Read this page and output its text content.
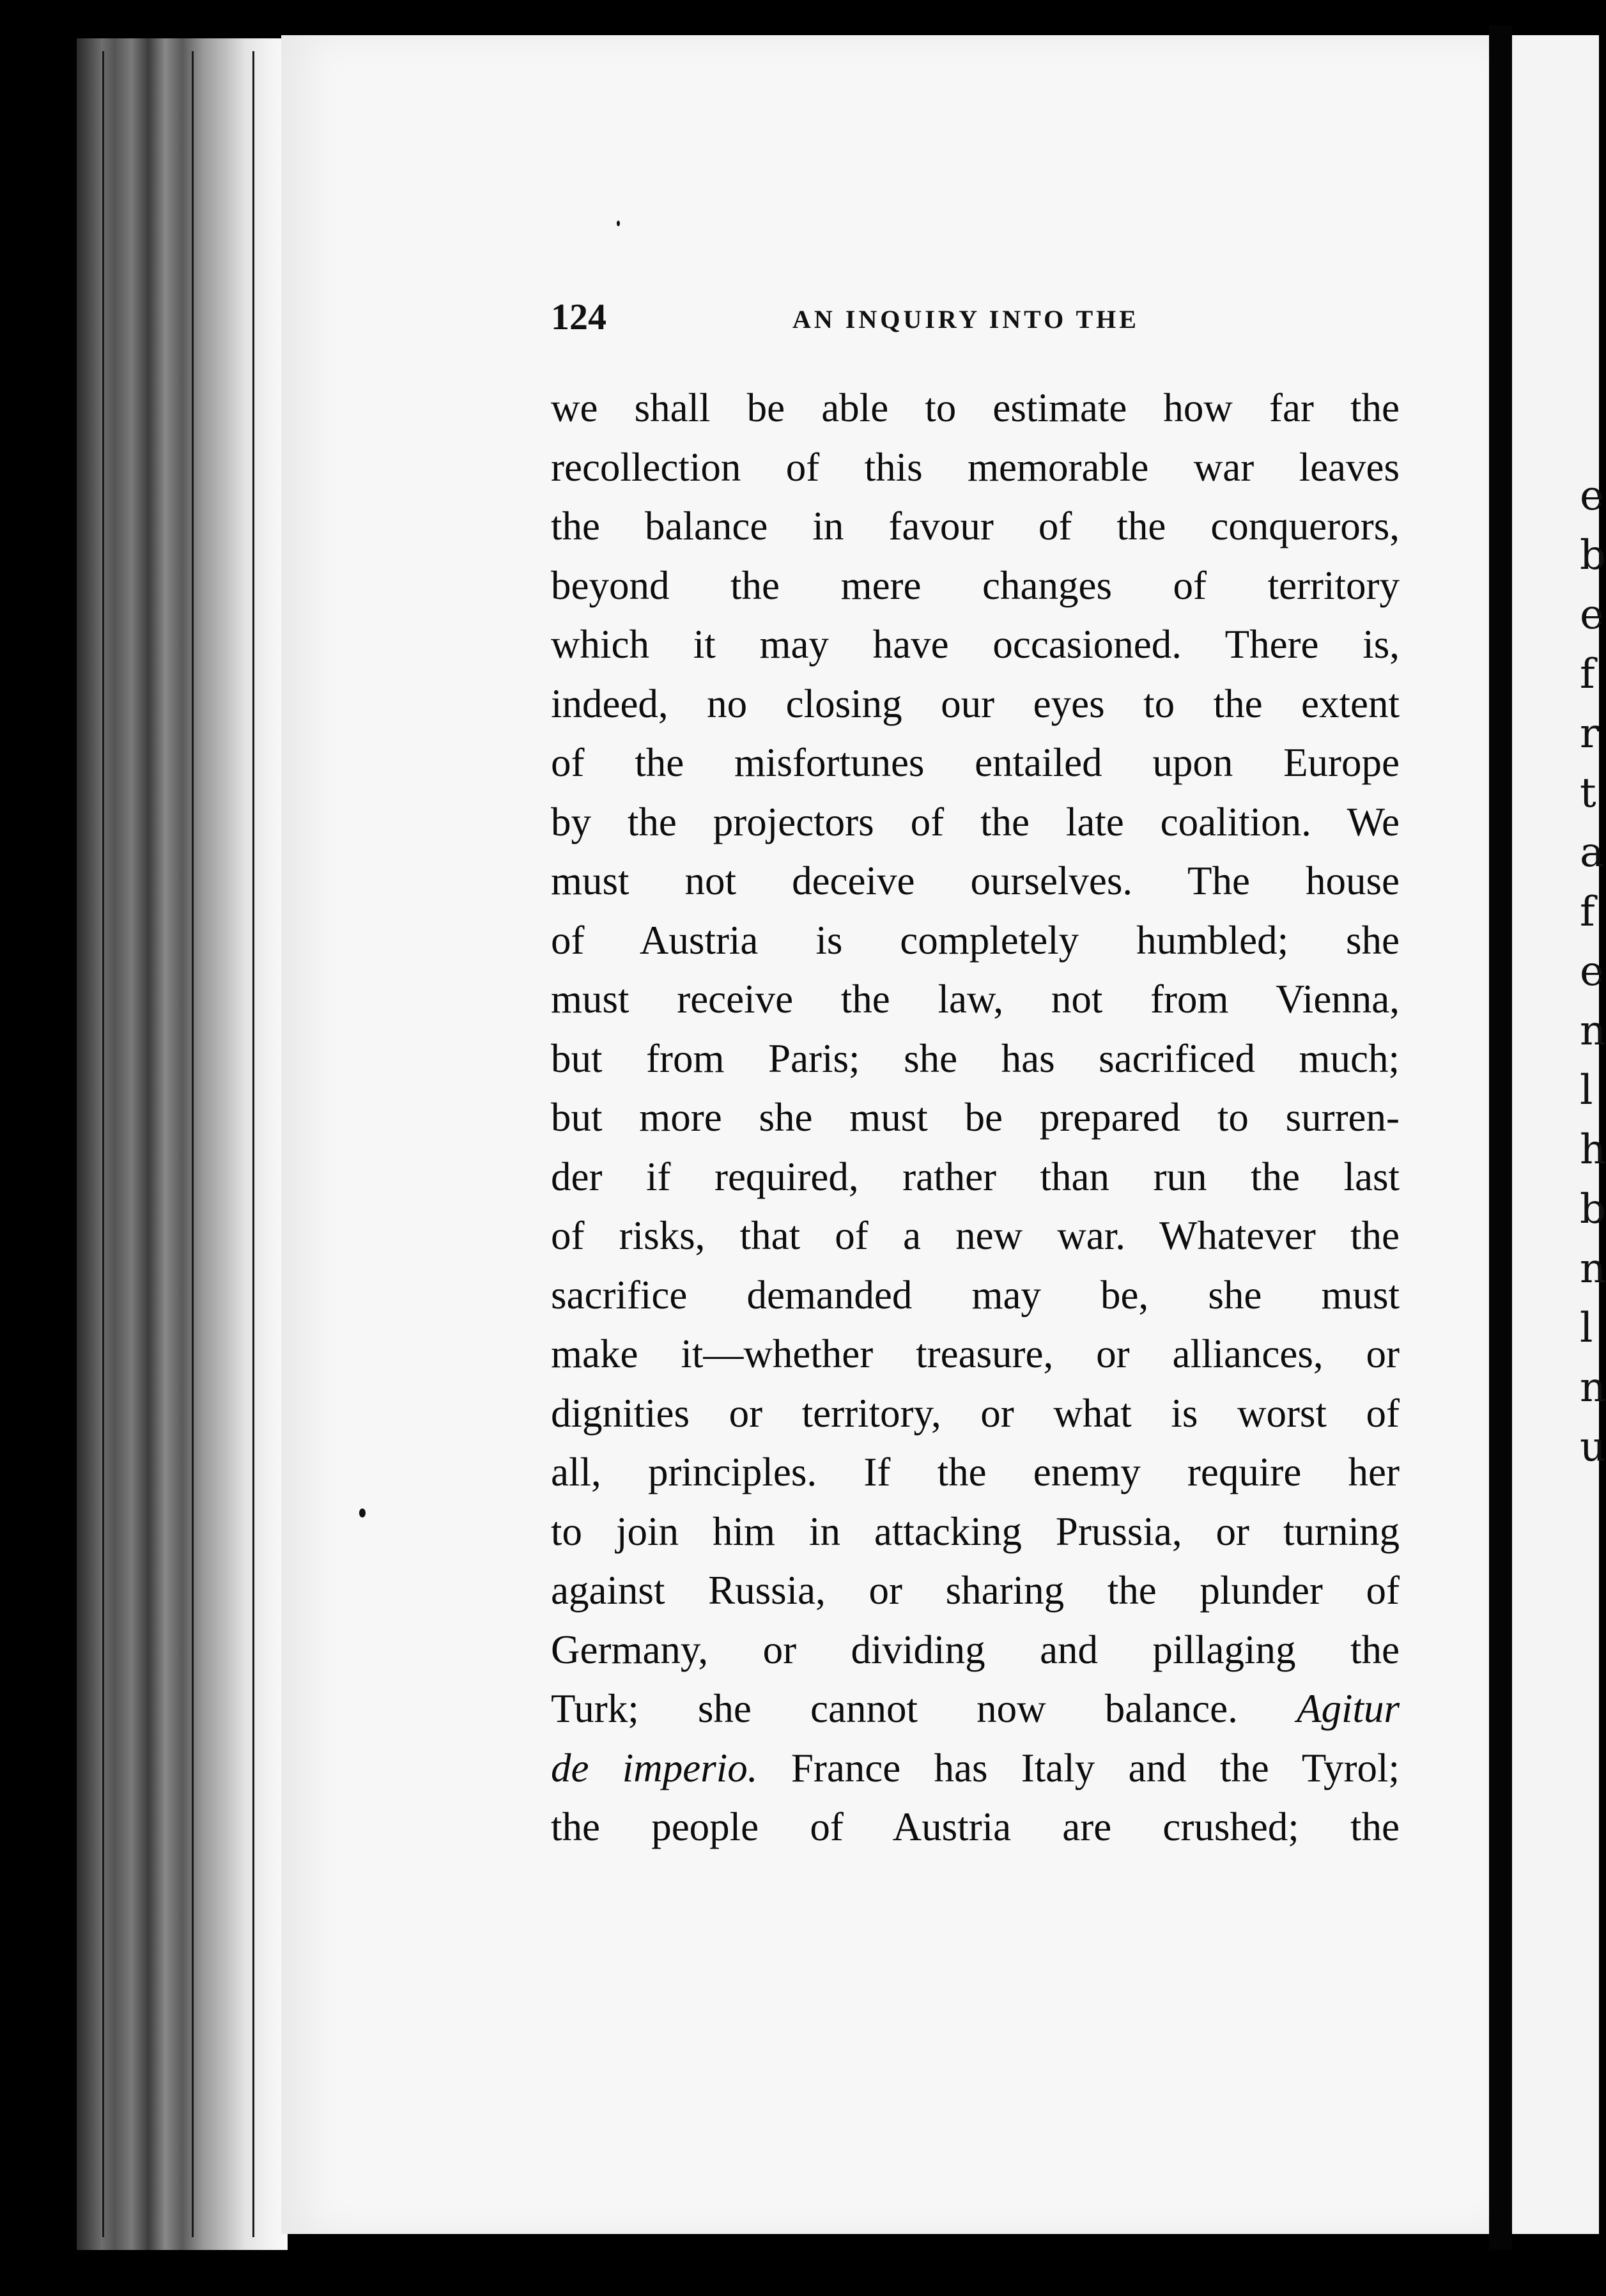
e
b
e
f
r
t
a
f
e
n
l
h
b
n
l
n
u
124	AN INQUIRY INTO THE
we shall be able to estimate how far the
recollection of this memorable war leaves
the balance in favour of the conquerors,
beyond the mere changes of territory
which it may have occasioned. There is,
indeed, no closing our eyes to the extent
of the misfortunes entailed upon Europe
by the projectors of the late coalition. We
must not deceive ourselves. The house
of Austria is completely humbled; she
must receive the law, not from Vienna,
but from Paris; she has sacrificed much;
but more she must be prepared to surren-
der if required, rather than run the last
of risks, that of a new war. Whatever the
sacrifice demanded may be, she must
make it—whether treasure, or alliances, or
dignities or territory, or what is worst of
all, principles. If the enemy require her
to join him in attacking Prussia, or turning
against Russia, or sharing the plunder of
Germany, or dividing and pillaging the
Turk; she cannot now balance. Agitur
de imperio. France has Italy and the Tyrol;
the people of Austria are crushed; the
